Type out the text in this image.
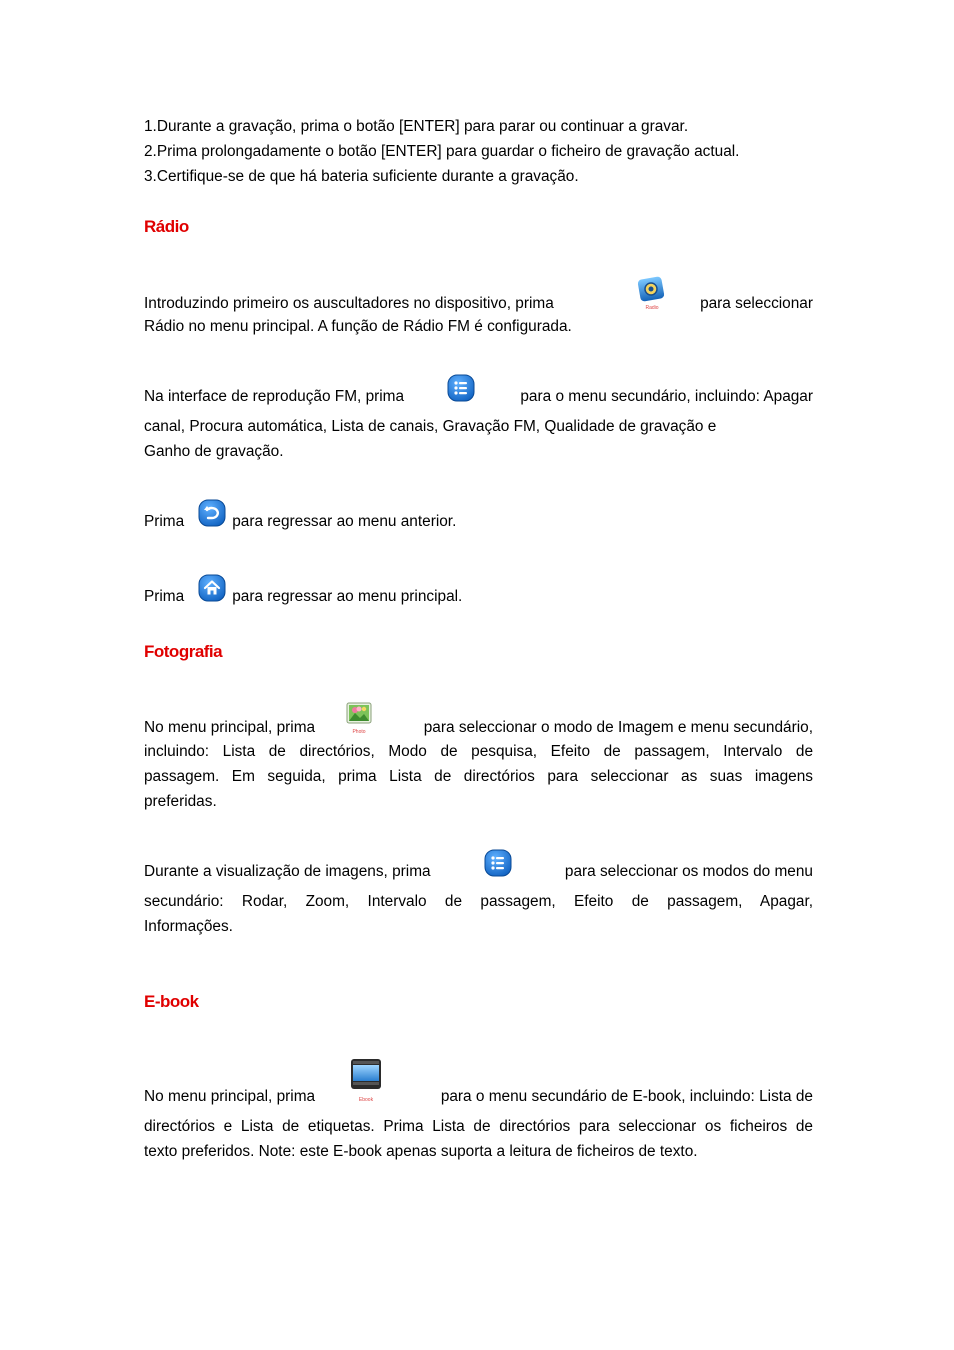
1.Durante a gravação, prima o botão [ENTER] para parar ou continuar a gravar.
2.Prima prolongadamente o botão [ENTER] para guardar o ficheiro de gravação actual.
3.Certifique-se de que há bateria suficiente durante a gravação.
Rádio
Introduzindo primeiro os auscultadores no dispositivo, prima	para seleccionar
Radio
Rádio no menu principal. A função de Rádio FM é configurada.
Na interface de reprodução FM, prima	para o menu secundário, incluindo: Apagar
canal, Procura automática, Lista de canais, Gravação FM, Qualidade de gravação e
Ganho de gravação.
Prima	para regressar ao menu anterior.
Prima	para regressar ao menu principal.
Fotografia
No menu principal, prima	para seleccionar o modo de Imagem e menu secundário,
Photo
incluindo: Lista de directórios, Modo de pesquisa, Efeito de passagem, Intervalo de
passagem. Em seguida, prima Lista de directórios para seleccionar as suas imagens
preferidas.
Durante a visualização de imagens, prima	para seleccionar os modos do menu
secundário: Rodar, Zoom, Intervalo de passagem, Efeito de passagem, Apagar,
Informações.
E-book
No menu principal, prima	para o menu secundário de E-book, incluindo: Lista de
Ebook
directórios e Lista de etiquetas. Prima Lista de directórios para seleccionar os ficheiros de
texto preferidos. Note: este E-book apenas suporta a leitura de ficheiros de texto.
